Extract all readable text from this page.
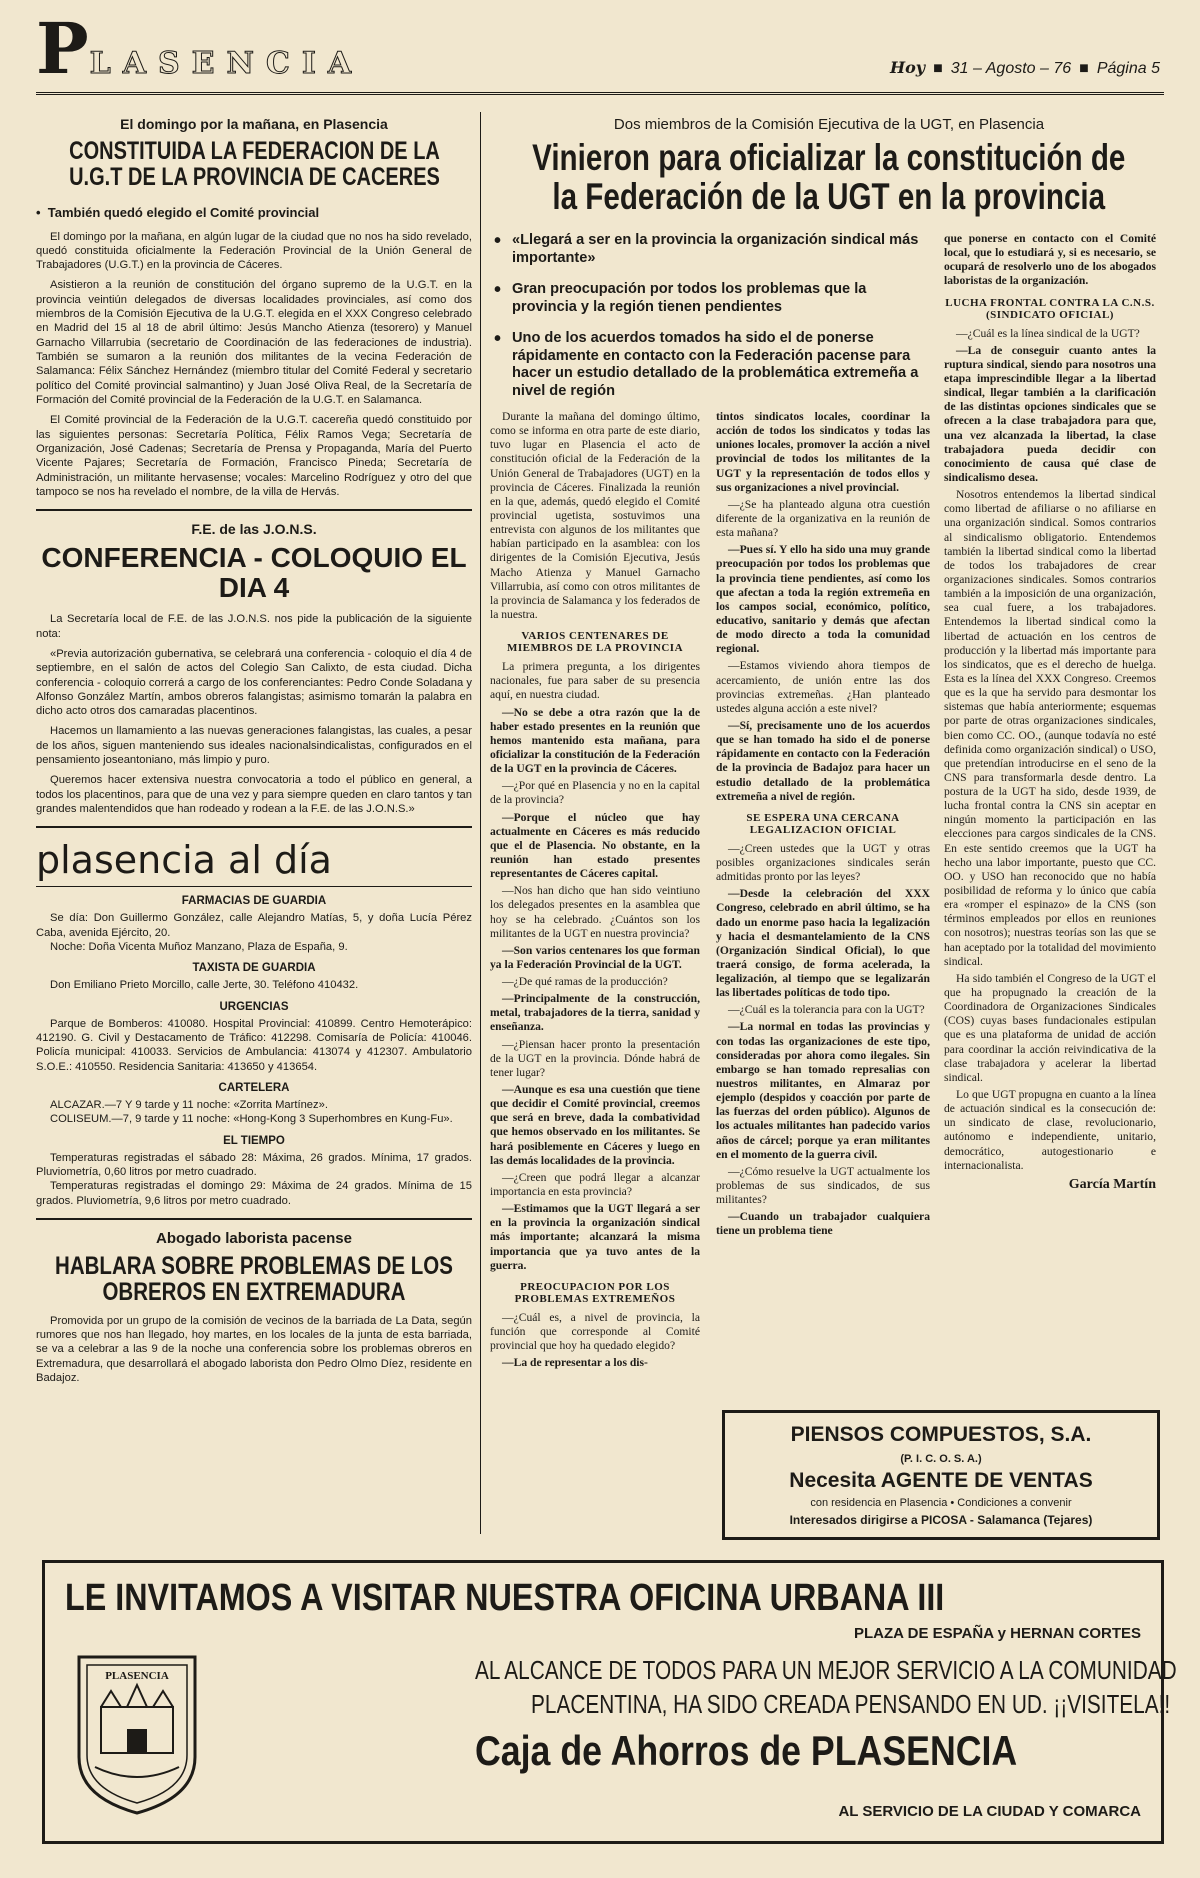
PLASENCIA	Hoy ■ 31 – Agosto – 76 ■ Página 5
El domingo por la mañana, en Plasencia
CONSTITUIDA LA FEDERACION DE LA
U.G.T DE LA PROVINCIA DE CACERES
•  También quedó elegido el Comité provincial

El domingo por la mañana, en algún lugar de la ciudad que no nos ha sido revelado, quedó constituida oficialmente la Federación Provincial de la Unión General de Trabajadores (U.G.T.) en la provincia de Cáceres.

Asistieron a la reunión de constitución del órgano supremo de la U.G.T. en la provincia veintiún delegados de diversas localidades provinciales, así como dos miembros de la Comisión Ejecutiva de la U.G.T. elegida en el XXX Congreso celebrado en Madrid del 15 al 18 de abril último: Jesús Mancho Atienza (tesorero) y Manuel Garnacho Villarrubia (secretario de Coordinación de las federaciones de industria). También se sumaron a la reunión dos militantes de la vecina Federación de Salamanca: Félix Sánchez Hernández (miembro titular del Comité Federal y secretario político del Comité provincial salmantino) y Juan José Oliva Real, de la Secretaría de Formación del Comité provincial de la Federación de la U.G.T. en Salamanca.

El Comité provincial de la Federación de la U.G.T. cacereña quedó constituido por las siguientes personas: Secretaría Política, Félix Ramos Vega; Secretaría de Organización, José Cadenas; Secretaría de Prensa y Propaganda, María del Puerto Vicente Pajares; Secretaría de Formación, Francisco Pineda; Secretaría de Administración, un militante hervasense; vocales: Marcelino Rodríguez y otro del que tampoco se nos ha revelado el nombre, de la villa de Hervás.

F.E. de las J.O.N.S.
CONFERENCIA - COLOQUIO EL
DIA 4

La Secretaría local de F.E. de las J.O.N.S. nos pide la publicación de la siguiente nota:

«Previa autorización gubernativa, se celebrará una conferencia - coloquio el día 4 de septiembre, en el salón de actos del Colegio San Calixto, de esta ciudad. Dicha conferencia - coloquio correrá a cargo de los conferenciantes: Pedro Conde Soladana y Alfonso González Martín, ambos obreros falangistas; asimismo tomarán la palabra en dicho acto otros dos camaradas placentinos.

Hacemos un llamamiento a las nuevas generaciones falangistas, las cuales, a pesar de los años, siguen manteniendo sus ideales nacionalsindicalistas, configurados en el pensamiento joseantoniano, más limpio y puro.

Queremos hacer extensiva nuestra convocatoria a todo el público en general, a todos los placentinos, para que de una vez y para siempre queden en claro tantos y tan grandes malentendidos que han rodeado y rodean a la F.E. de las J.O.N.S.»

plasencia al día
FARMACIAS DE GUARDIA

Se día: Don Guillermo González, calle Alejandro Matías, 5, y doña Lucía Pérez Caba, avenida Ejército, 20.

Noche: Doña Vicenta Muñoz Manzano, Plaza de España, 9.

TAXISTA DE GUARDIA

Don Emiliano Prieto Morcillo, calle Jerte, 30. Teléfono 410432.

URGENCIAS

Parque de Bomberos: 410080. Hospital Provincial: 410899. Centro Hemoterápico: 412190. G. Civil y Destacamento de Tráfico: 412298. Comisaría de Policía: 410046. Policía municipal: 410033. Servicios de Ambulancia: 413074 y 412307. Ambulatorio S.O.E.: 410550. Residencia Sanitaria: 413650 y 413654.

CARTELERA

ALCAZAR.—7 Y 9 tarde y 11 noche: «Zorrita Martínez».

COLISEUM.—7, 9 tarde y 11 noche: «Hong-Kong 3 Superhombres en Kung-Fu».

EL TIEMPO

Temperaturas registradas el sábado 28: Máxima, 26 grados. Mínima, 17 grados. Pluviometría, 0,60 litros por metro cuadrado.

Temperaturas registradas el domingo 29: Máxima de 24 grados. Mínima de 15 grados. Pluviometría, 9,6 litros por metro cuadrado.

Abogado laborista pacense
HABLARA SOBRE PROBLEMAS DE LOS
OBREROS EN EXTREMADURA

Promovida por un grupo de la comisión de vecinos de la barriada de La Data, según rumores que nos han llegado, hoy martes, en los locales de la junta de esta barriada, se va a celebrar a las 9 de la noche una conferencia sobre los problemas obreros en Extremadura, que desarrollará el abogado laborista don Pedro Olmo Díez, residente en Badajoz.

Dos miembros de la Comisión Ejecutiva de la UGT, en Plasencia
Vinieron para oficializar la constitución de
la Federación de la UGT en la provincia
• «Llegará a ser en la provincia la organización sindical más importante»
• Gran preocupación por todos los problemas que la provincia y la región tienen pendientes
• Uno de los acuerdos tomados ha sido el de ponerse rápidamente en contacto con la Federación pacense para hacer un estudio detallado de la problemática extremeña a nivel de región

Durante la mañana del domingo último, como se informa en otra parte de este diario, tuvo lugar en Plasencia el acto de constitución oficial de la Federación de la Unión General de Trabajadores (UGT) en la provincia de Cáceres. Finalizada la reunión en la que, además, quedó elegido el Comité provincial ugetista, sostuvimos una entrevista con algunos de los militantes que habían participado en la asamblea: con los dirigentes de la Comisión Ejecutiva, Jesús Macho Atienza y Manuel Garnacho Villarrubia, así como con otros militantes de la provincia de Salamanca y los federados de la nuestra.

VARIOS CENTENARES DE MIEMBROS DE LA PROVINCIA

La primera pregunta, a los dirigentes nacionales, fue para saber de su presencia aquí, en nuestra ciudad.

—No se debe a otra razón que la de haber estado presentes en la reunión que hemos mantenido esta mañana, para oficializar la constitución de la Federación de la UGT en la provincia de Cáceres.

—¿Por qué en Plasencia y no en la capital de la provincia?

—Porque el núcleo que hay actualmente en Cáceres es más reducido que el de Plasencia. No obstante, en la reunión han estado presentes representantes de Cáceres capital.

—Nos han dicho que han sido veintiuno los delegados presentes en la asamblea que hoy se ha celebrado. ¿Cuántos son los militantes de la UGT en nuestra provincia?

—Son varios centenares los que forman ya la Federación Provincial de la UGT.

—¿De qué ramas de la producción?

—Principalmente de la construcción, metal, trabajadores de la tierra, sanidad y enseñanza.

—¿Piensan hacer pronto la presentación de la UGT en la provincia. Dónde habrá de tener lugar?

—Aunque es esa una cuestión que tiene que decidir el Comité provincial, creemos que será en breve, dada la combatividad que hemos observado en los militantes. Se hará posiblemente en Cáceres y luego en las demás localidades de la provincia.

—¿Creen que podrá llegar a alcanzar importancia en esta provincia?

—Estimamos que la UGT llegará a ser en la provincia la organización sindical más importante; alcanzará la misma importancia que ya tuvo antes de la guerra.

PREOCUPACION POR LOS PROBLEMAS EXTREMEÑOS

—¿Cuál es, a nivel de provincia, la función que corresponde al Comité provincial que hoy ha quedado elegido?

—La de representar a los dis-

tintos sindicatos locales, coordinar la acción de todos los sindicatos y todas las uniones locales, promover la acción a nivel provincial de todos los militantes de la UGT y la representación de todos ellos y sus organizaciones a nivel provincial.

—¿Se ha planteado alguna otra cuestión diferente de la organizativa en la reunión de esta mañana?

—Pues sí. Y ello ha sido una muy grande preocupación por todos los problemas que la provincia tiene pendientes, así como los que afectan a toda la región extremeña en los campos social, económico, político, educativo, sanitario y demás que afectan de modo directo a toda la comunidad regional.

—Estamos viviendo ahora tiempos de acercamiento, de unión entre las dos provincias extremeñas. ¿Han planteado ustedes alguna acción a este nivel?

—Sí, precisamente uno de los acuerdos que se han tomado ha sido el de ponerse rápidamente en contacto con la Federación de la provincia de Badajoz para hacer un estudio detallado de la problemática extremeña a nivel de región.

SE ESPERA UNA CERCANA LEGALIZACION OFICIAL

—¿Creen ustedes que la UGT y otras posibles organizaciones sindicales serán admitidas pronto por las leyes?

—Desde la celebración del XXX Congreso, celebrado en abril último, se ha dado un enorme paso hacia la legalización y hacia el desmantelamiento de la CNS (Organización Sindical Oficial), lo que traerá consigo, de forma acelerada, la legalización, al tiempo que se legalizarán las libertades políticas de todo tipo.

—¿Cuál es la tolerancia para con la UGT?

—La normal en todas las provincias y con todas las organizaciones de este tipo, consideradas por ahora como ilegales. Sin embargo se han tomado represalias con nuestros militantes, en Almaraz por ejemplo (despidos y coacción por parte de las fuerzas del orden público). Algunos de los actuales militantes han padecido varios años de cárcel; porque ya eran militantes en el momento de la guerra civil.

—¿Cómo resuelve la UGT actualmente los problemas de sus sindicados, de sus militantes?

—Cuando un trabajador cualquiera tiene un problema tiene

que ponerse en contacto con el Comité local, que lo estudiará y, si es necesario, se ocupará de resolverlo uno de los abogados laboristas de la organización.

LUCHA FRONTAL CONTRA LA C.N.S. (SINDICATO OFICIAL)

—¿Cuál es la línea sindical de la UGT?

—La de conseguir cuanto antes la ruptura sindical, siendo para nosotros una etapa imprescindible llegar a la libertad sindical, llegar también a la clarificación de las distintas opciones sindicales que se ofrecen a la clase trabajadora para que, una vez alcanzada la libertad, la clase trabajadora pueda decidir con conocimiento de causa qué clase de sindicalismo desea.

Nosotros entendemos la libertad sindical como libertad de afiliarse o no afiliarse en una organización sindical. Somos contrarios al sindicalismo obligatorio. Entendemos también la libertad sindical como la libertad de todos los trabajadores de crear organizaciones sindicales. Somos contrarios también a la imposición de una organización, sea cual fuere, a los trabajadores. Entendemos la libertad sindical como la libertad de actuación en los centros de producción y la libertad más importante para los sindicatos, que es el derecho de huelga. Esta es la línea del XXX Congreso. Creemos que es la que ha servido para desmontar los sistemas que había anteriormente; esquemas por parte de otras organizaciones sindicales, bien como CC. OO., (aunque todavía no esté definida como organización sindical) o USO, que pretendían introducirse en el seno de la CNS para transformarla desde dentro. La postura de la UGT ha sido, desde 1939, de lucha frontal contra la CNS sin aceptar en ningún momento la participación en las elecciones para cargos sindicales de la CNS. En este sentido creemos que la UGT ha hecho una labor importante, puesto que CC. OO. y USO han reconocido que no había posibilidad de reforma y lo único que cabía era «romper el espinazo» de la CNS (son términos empleados por ellos en reuniones con nosotros); nuestras teorías son las que se han aceptado por la totalidad del movimiento sindical.

Ha sido también el Congreso de la UGT el que ha propugnado la creación de la Coordinadora de Organizaciones Sindicales (COS) cuyas bases fundacionales estipulan que es una plataforma de unidad de acción para coordinar la acción reivindicativa de la clase trabajadora y acelerar la libertad sindical.

Lo que UGT propugna en cuanto a la línea de actuación sindical es la consecución de: un sindicato de clase, revolucionario, autónomo e independiente, unitario, democrático, autogestionario e internacionalista.

García Martín
PIENSOS COMPUESTOS, S.A.
(P. I. C. O. S. A.)
Necesita AGENTE DE VENTAS
con residencia en Plasencia • Condiciones a convenir
Interesados dirigirse a PICOSA - Salamanca (Tejares)
LE INVITAMOS A VISITAR NUESTRA OFICINA URBANA III
PLAZA DE ESPAÑA y HERNAN CORTES
PLASENCIA	AL ALCANCE DE TODOS PARA UN MEJOR SERVICIO A LA COMUNIDAD
PLACENTINA, HA SIDO CREADA PENSANDO EN UD. ¡¡VISITELA!!
Caja de Ahorros de PLASENCIA
AL SERVICIO DE LA CIUDAD Y COMARCA
